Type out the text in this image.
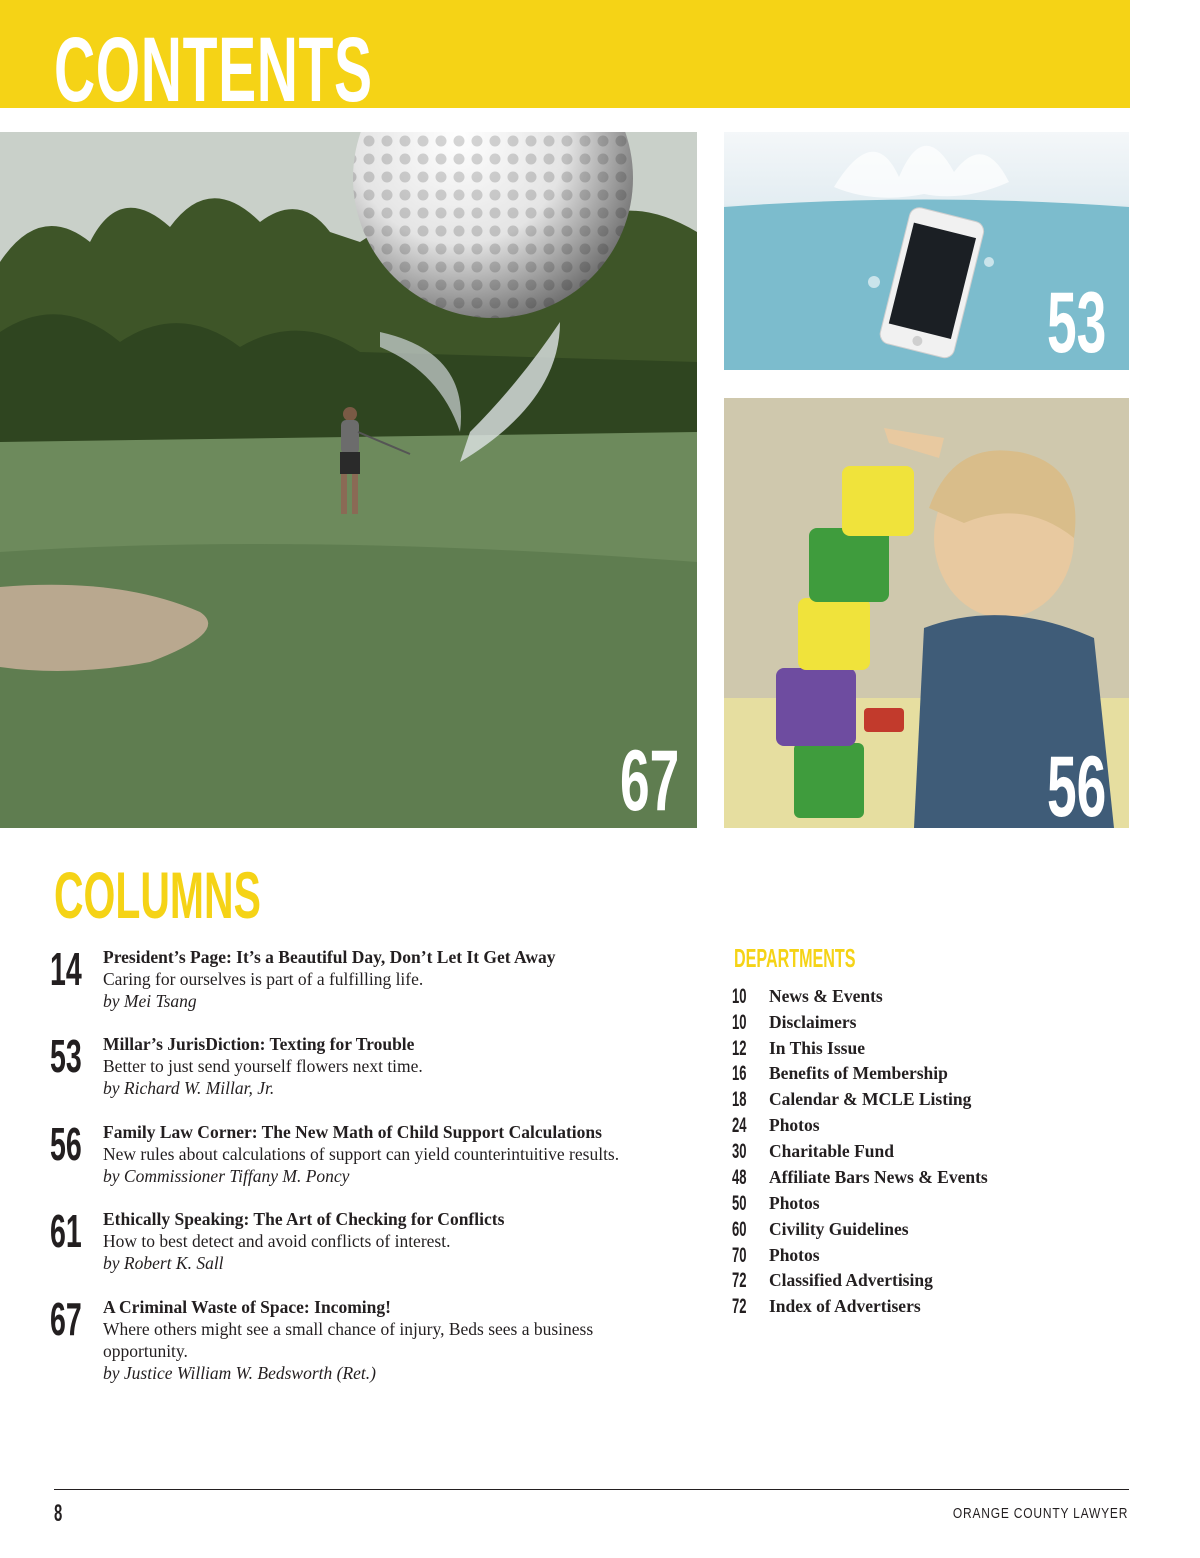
CONTENTS
67
53
56
COLUMNS
14 President’s Page: It’s a Beautiful Day, Don’t Let It Get Away
Caring for ourselves is part of a fulfilling life.
by Mei Tsang
53 Millar’s JurisDiction: Texting for Trouble
Better to just send yourself flowers next time.
by Richard W. Millar, Jr.
56 Family Law Corner: The New Math of Child Support Calculations
New rules about calculations of support can yield counterintuitive results.
by Commissioner Tiffany M. Poncy
61 Ethically Speaking: The Art of Checking for Conflicts
How to best detect and avoid conflicts of interest.
by Robert K. Sall
67 A Criminal Waste of Space: Incoming!
Where others might see a small chance of injury, Beds sees a business opportunity.
by Justice William W. Bedsworth (Ret.)
DEPARTMENTS
10 News & Events
10 Disclaimers
12 In This Issue
16 Benefits of Membership
18 Calendar & MCLE Listing
24 Photos
30 Charitable Fund
48 Affiliate Bars News & Events
50 Photos
60 Civility Guidelines
70 Photos
72 Classified Advertising
72 Index of Advertisers
8	ORANGE COUNTY LAWYER
